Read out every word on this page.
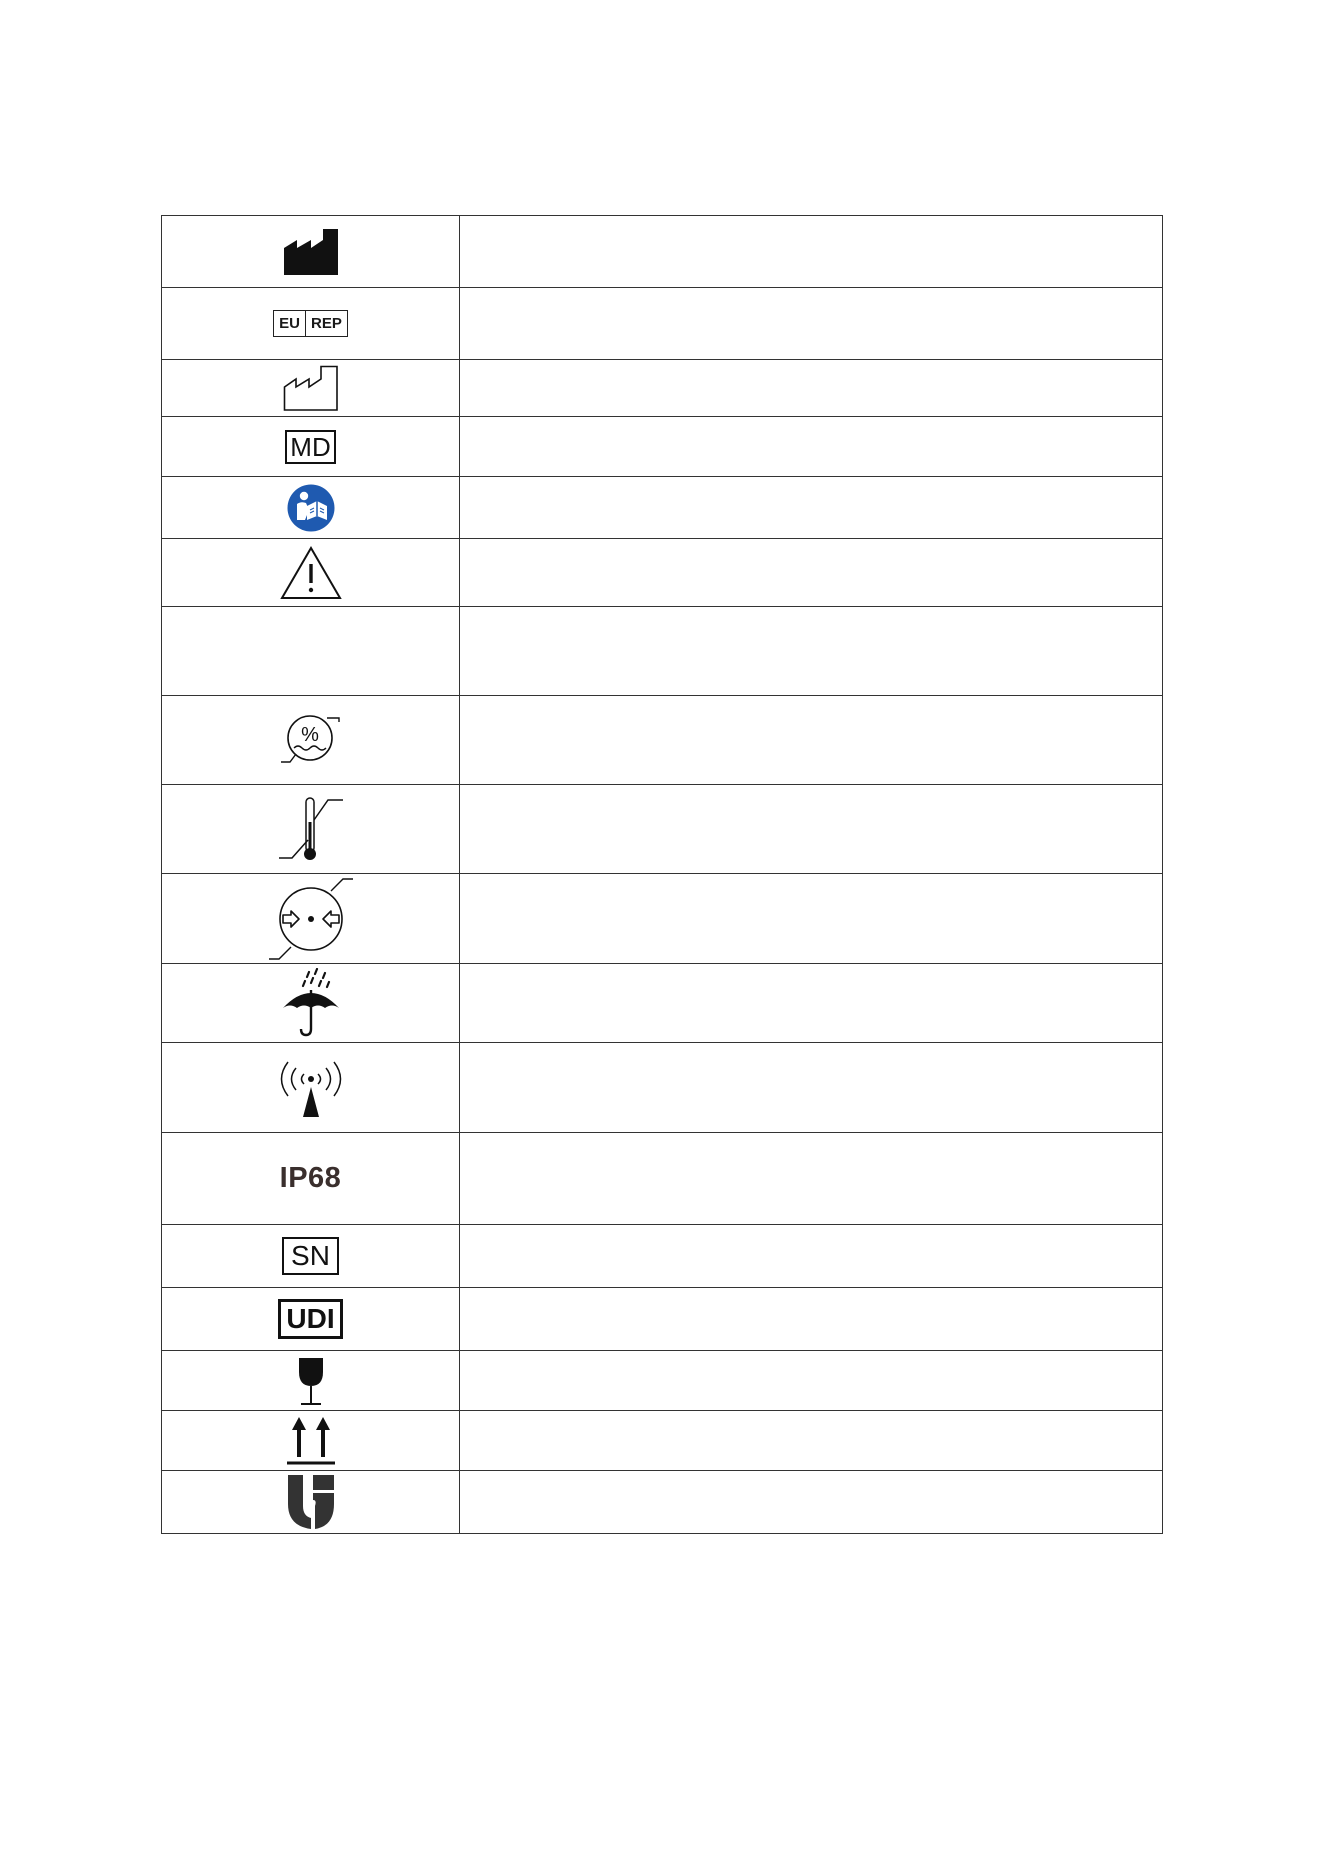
EU REP	

MD	

%	

IP68	
SN	
UDI	
